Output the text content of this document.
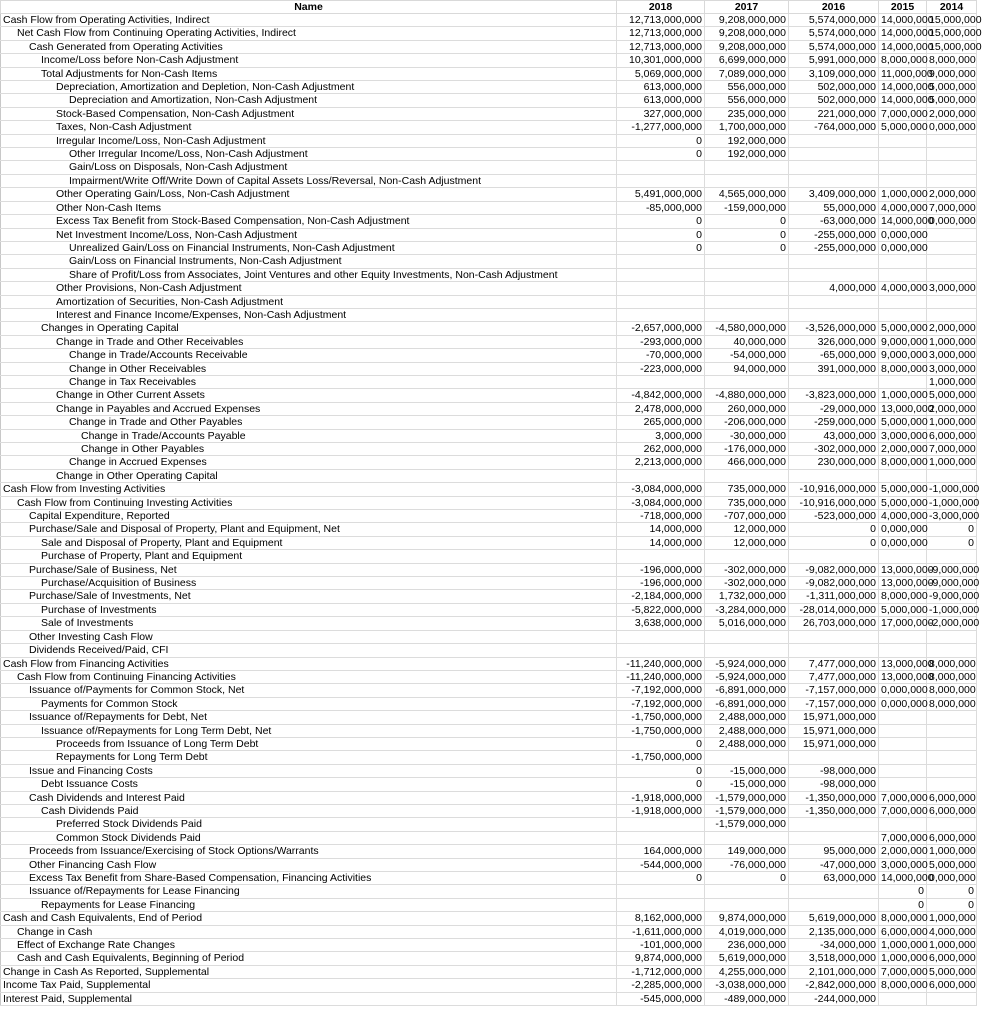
Name	2018	2017	2016	2015	2014
Cash Flow from Operating Activities, Indirect	12,713,000,000	9,208,000,000	5,574,000,000	14,000,000	15,000,000
Net Cash Flow from Continuing Operating Activities, Indirect	12,713,000,000	9,208,000,000	5,574,000,000	14,000,000	15,000,000
Cash Generated from Operating Activities	12,713,000,000	9,208,000,000	5,574,000,000	14,000,000	15,000,000
Income/Loss before Non-Cash Adjustment	10,301,000,000	6,699,000,000	5,991,000,000	8,000,000	8,000,000
Total Adjustments for Non-Cash Items	5,069,000,000	7,089,000,000	3,109,000,000	11,000,000	9,000,000
Depreciation, Amortization and Depletion, Non-Cash Adjustment	613,000,000	556,000,000	502,000,000	14,000,000	5,000,000
Depreciation and Amortization, Non-Cash Adjustment	613,000,000	556,000,000	502,000,000	14,000,000	5,000,000
Stock-Based Compensation, Non-Cash Adjustment	327,000,000	235,000,000	221,000,000	7,000,000	2,000,000
Taxes, Non-Cash Adjustment	-1,277,000,000	1,700,000,000	-764,000,000	5,000,000	0,000,000
Irregular Income/Loss, Non-Cash Adjustment	0	192,000,000			
Other Irregular Income/Loss, Non-Cash Adjustment	0	192,000,000			
Gain/Loss on Disposals, Non-Cash Adjustment					
Impairment/Write Off/Write Down of Capital Assets Loss/Reversal, Non-Cash Adjustment					
Other Operating Gain/Loss, Non-Cash Adjustment	5,491,000,000	4,565,000,000	3,409,000,000	1,000,000	2,000,000
Other Non-Cash Items	-85,000,000	-159,000,000	55,000,000	4,000,000	7,000,000
Excess Tax Benefit from Stock-Based Compensation, Non-Cash Adjustment	0	0	-63,000,000	14,000,000	0,000,000
Net Investment Income/Loss, Non-Cash Adjustment	0	0	-255,000,000	0,000,000	
Unrealized Gain/Loss on Financial Instruments, Non-Cash Adjustment	0	0	-255,000,000	0,000,000	
Gain/Loss on Financial Instruments, Non-Cash Adjustment					
Share of Profit/Loss from Associates, Joint Ventures and other Equity Investments, Non-Cash Adjustment					
Other Provisions, Non-Cash Adjustment			4,000,000	4,000,000	3,000,000
Amortization of Securities, Non-Cash Adjustment					
Interest and Finance Income/Expenses, Non-Cash Adjustment					
Changes in Operating Capital	-2,657,000,000	-4,580,000,000	-3,526,000,000	5,000,000	2,000,000
Change in Trade and Other Receivables	-293,000,000	40,000,000	326,000,000	9,000,000	1,000,000
Change in Trade/Accounts Receivable	-70,000,000	-54,000,000	-65,000,000	9,000,000	3,000,000
Change in Other Receivables	-223,000,000	94,000,000	391,000,000	8,000,000	3,000,000
Change in Tax Receivables					1,000,000
Change in Other Current Assets	-4,842,000,000	-4,880,000,000	-3,823,000,000	1,000,000	5,000,000
Change in Payables and Accrued Expenses	2,478,000,000	260,000,000	-29,000,000	13,000,000	2,000,000
Change in Trade and Other Payables	265,000,000	-206,000,000	-259,000,000	5,000,000	1,000,000
Change in Trade/Accounts Payable	3,000,000	-30,000,000	43,000,000	3,000,000	6,000,000
Change in Other Payables	262,000,000	-176,000,000	-302,000,000	2,000,000	7,000,000
Change in Accrued Expenses	2,213,000,000	466,000,000	230,000,000	8,000,000	1,000,000
Change in Other Operating Capital					
Cash Flow from Investing Activities	-3,084,000,000	735,000,000	-10,916,000,000	5,000,000	-1,000,000
Cash Flow from Continuing Investing Activities	-3,084,000,000	735,000,000	-10,916,000,000	5,000,000	-1,000,000
Capital Expenditure, Reported	-718,000,000	-707,000,000	-523,000,000	4,000,000	-3,000,000
Purchase/Sale and Disposal of Property, Plant and Equipment, Net	14,000,000	12,000,000	0	0,000,000	0
Sale and Disposal of Property, Plant and Equipment	14,000,000	12,000,000	0	0,000,000	0
Purchase of Property, Plant and Equipment					
Purchase/Sale of Business, Net	-196,000,000	-302,000,000	-9,082,000,000	13,000,000	-9,000,000
Purchase/Acquisition of Business	-196,000,000	-302,000,000	-9,082,000,000	13,000,000	-9,000,000
Purchase/Sale of Investments, Net	-2,184,000,000	1,732,000,000	-1,311,000,000	8,000,000	-9,000,000
Purchase of Investments	-5,822,000,000	-3,284,000,000	-28,014,000,000	5,000,000	-1,000,000
Sale of Investments	3,638,000,000	5,016,000,000	26,703,000,000	17,000,000	-2,000,000
Other Investing Cash Flow					
Dividends Received/Paid, CFI					
Cash Flow from Financing Activities	-11,240,000,000	-5,924,000,000	7,477,000,000	13,000,000	8,000,000
Cash Flow from Continuing Financing Activities	-11,240,000,000	-5,924,000,000	7,477,000,000	13,000,000	8,000,000
Issuance of/Payments for Common Stock, Net	-7,192,000,000	-6,891,000,000	-7,157,000,000	0,000,000	8,000,000
Payments for Common Stock	-7,192,000,000	-6,891,000,000	-7,157,000,000	0,000,000	8,000,000
Issuance of/Repayments for Debt, Net	-1,750,000,000	2,488,000,000	15,971,000,000		
Issuance of/Repayments for Long Term Debt, Net	-1,750,000,000	2,488,000,000	15,971,000,000		
Proceeds from Issuance of Long Term Debt	0	2,488,000,000	15,971,000,000		
Repayments for Long Term Debt	-1,750,000,000				
Issue and Financing Costs	0	-15,000,000	-98,000,000		
Debt Issuance Costs	0	-15,000,000	-98,000,000		
Cash Dividends and Interest Paid	-1,918,000,000	-1,579,000,000	-1,350,000,000	7,000,000	6,000,000
Cash Dividends Paid	-1,918,000,000	-1,579,000,000	-1,350,000,000	7,000,000	6,000,000
Preferred Stock Dividends Paid		-1,579,000,000			
Common Stock Dividends Paid				7,000,000	6,000,000
Proceeds from Issuance/Exercising of Stock Options/Warrants	164,000,000	149,000,000	95,000,000	2,000,000	1,000,000
Other Financing Cash Flow	-544,000,000	-76,000,000	-47,000,000	3,000,000	5,000,000
Excess Tax Benefit from Share-Based Compensation, Financing Activities	0	0	63,000,000	14,000,000	0,000,000
Issuance of/Repayments for Lease Financing				0	0
Repayments for Lease Financing				0	0
Cash and Cash Equivalents, End of Period	8,162,000,000	9,874,000,000	5,619,000,000	8,000,000	1,000,000
Change in Cash	-1,611,000,000	4,019,000,000	2,135,000,000	6,000,000	4,000,000
Effect of Exchange Rate Changes	-101,000,000	236,000,000	-34,000,000	1,000,000	1,000,000
Cash and Cash Equivalents, Beginning of Period	9,874,000,000	5,619,000,000	3,518,000,000	1,000,000	6,000,000
Change in Cash As Reported, Supplemental	-1,712,000,000	4,255,000,000	2,101,000,000	7,000,000	5,000,000
Income Tax Paid, Supplemental	-2,285,000,000	-3,038,000,000	-2,842,000,000	8,000,000	6,000,000
Interest Paid, Supplemental	-545,000,000	-489,000,000	-244,000,000		
